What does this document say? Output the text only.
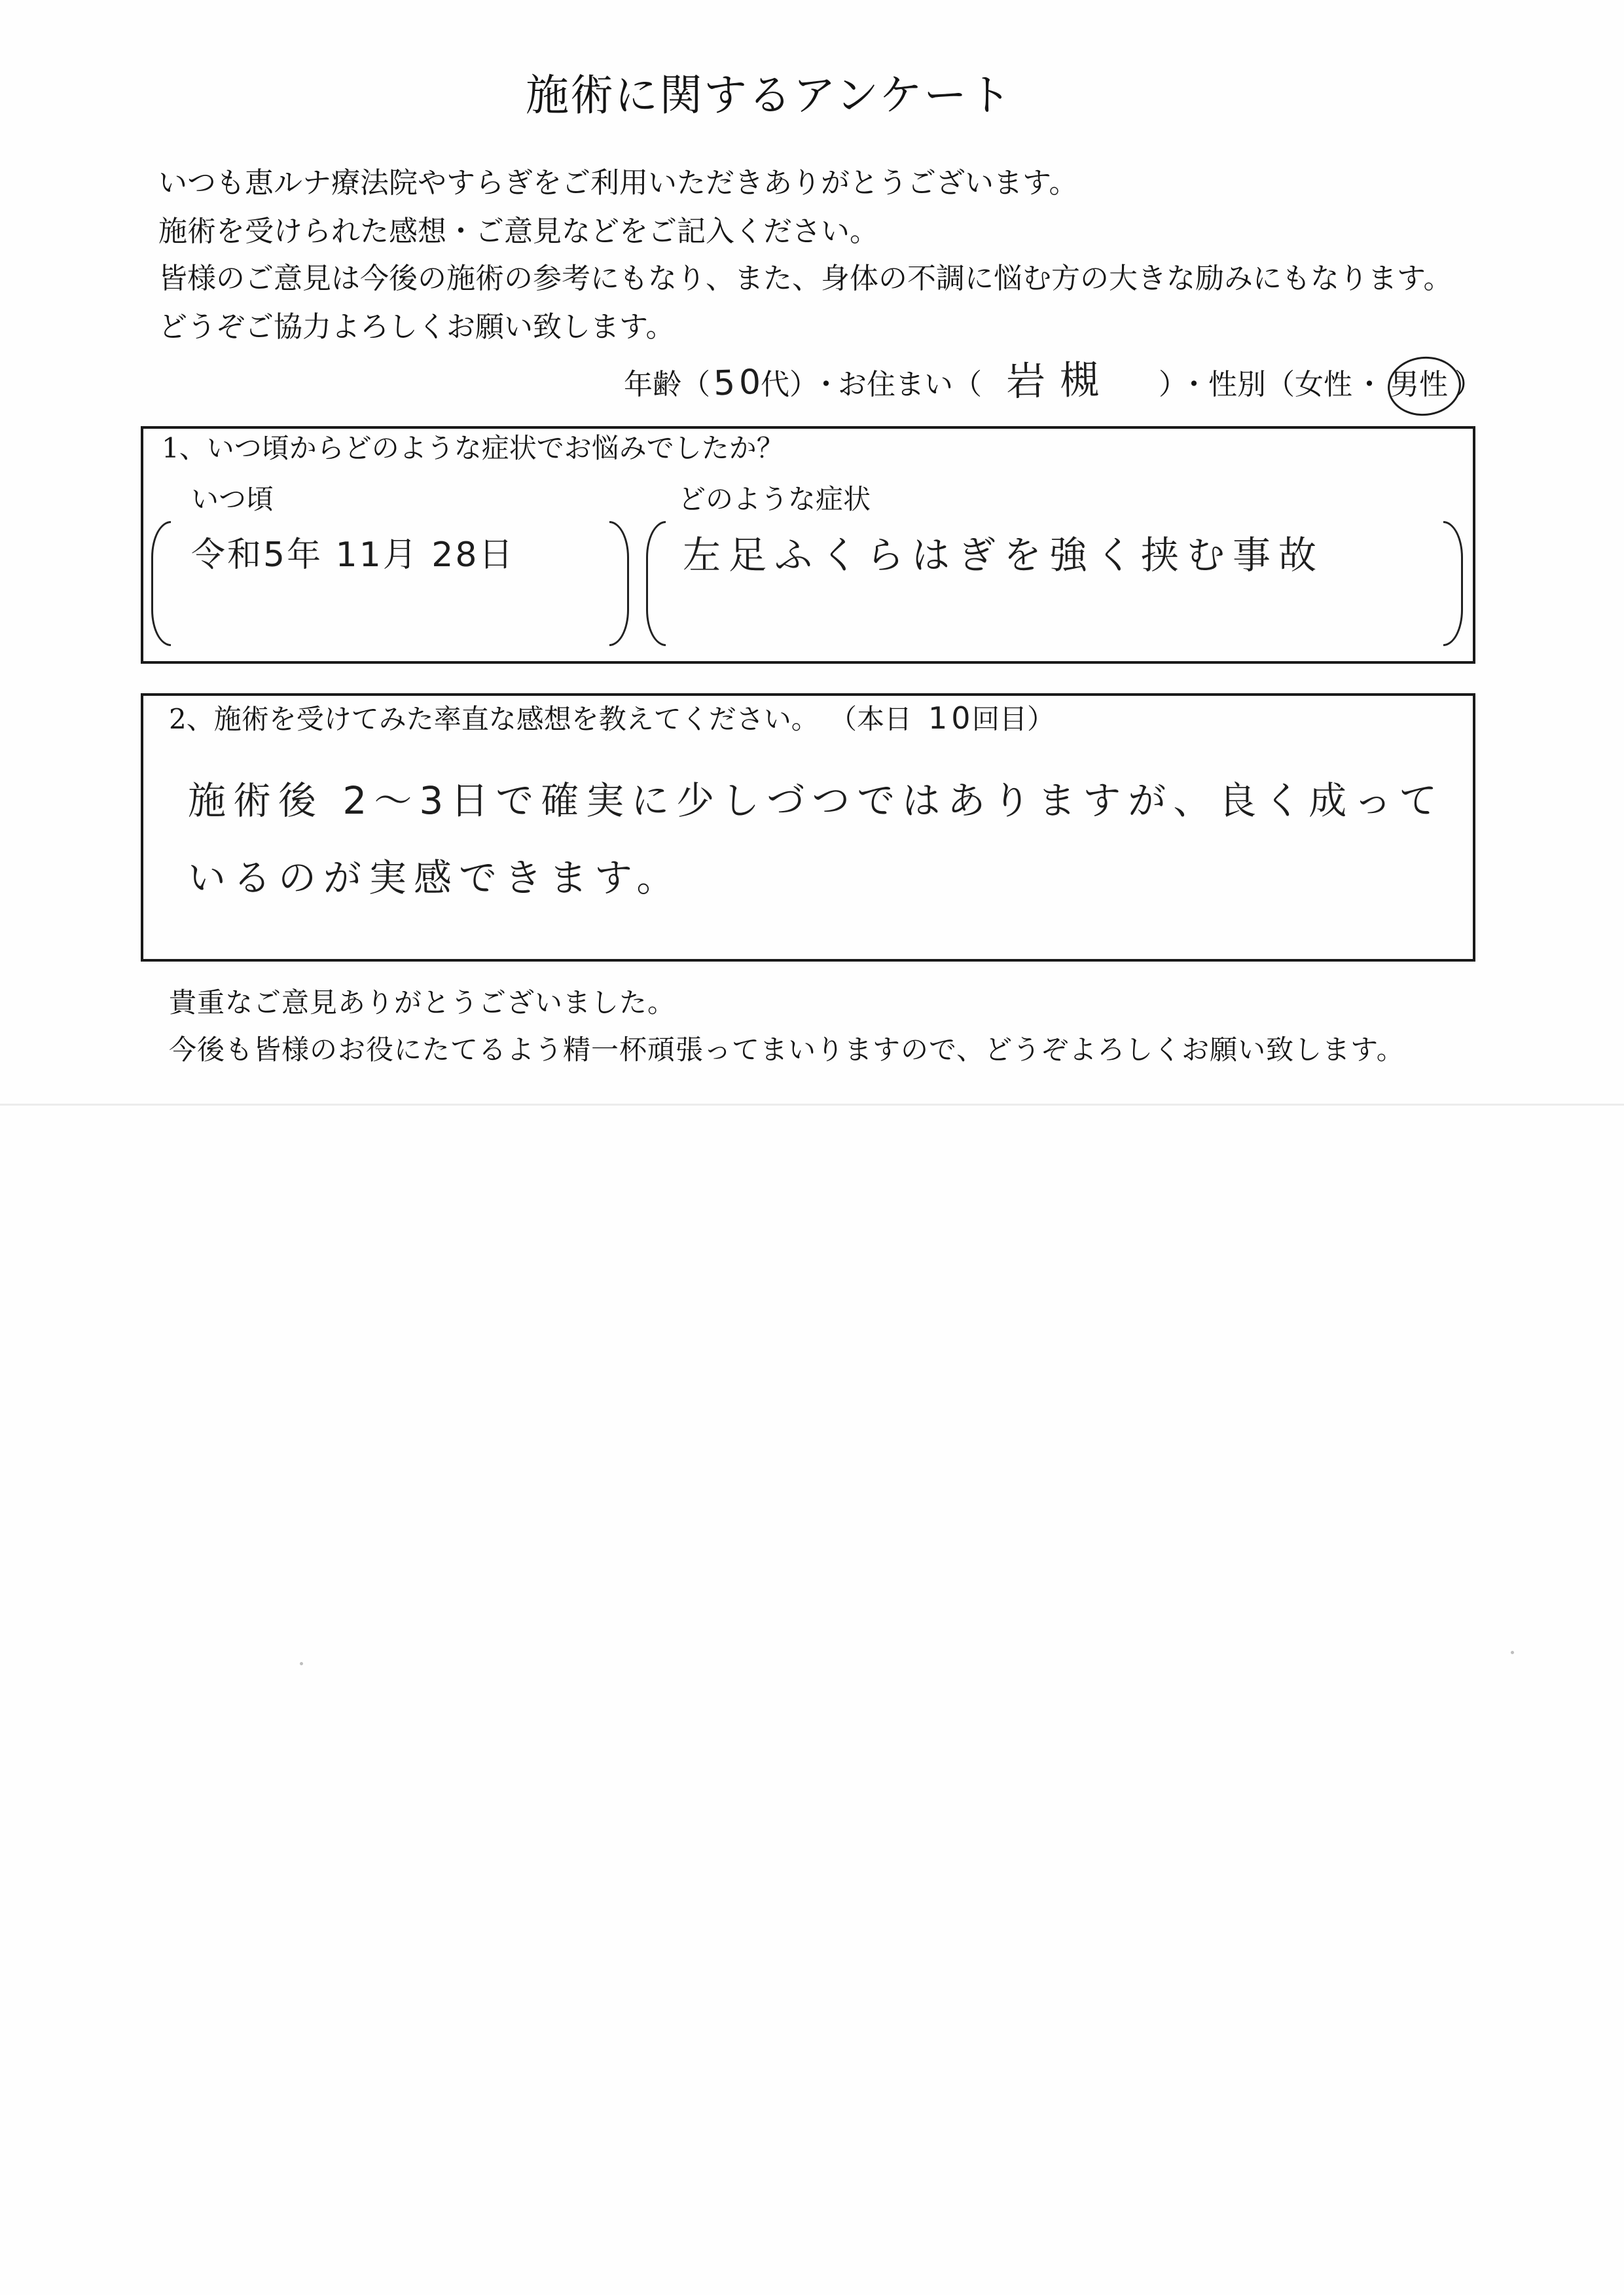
施術に関するアンケート
いつも恵ルナ療法院やすらぎをご利用いただきありがとうございます。
施術を受けられた感想・ご意見などをご記入ください。
皆様のご意見は今後の施術の参考にもなり、また、身体の不調に悩む方の大きな励みにもなります。
どうぞご協力よろしくお願い致します。
年齢（ 50
代）
・
お住まい（ 岩槻 ）
・ 性別（ 女性 ・ 男性 ）
1、いつ頃からどのような症状でお悩みでしたか？
いつ頃	どのような症状
令和5年 11月 28日	左足ふくらはぎを強く挟む事故
2、施術を受けてみた率直な感想を教えてください。 （本日 10
回目）
施術後 2〜3日で確実に少しづつではありますが、良く成って
いるのが実感できます。
貴重なご意見ありがとうございました。
今後も皆様のお役にたてるよう精一杯頑張ってまいりますので、どうぞよろしくお願い致します。
